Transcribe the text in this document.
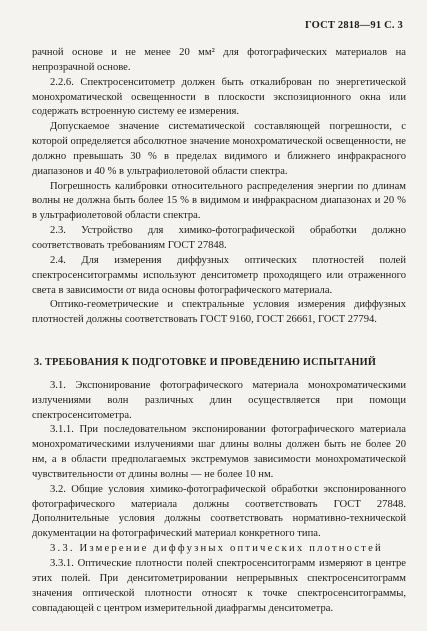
ГОСТ 2818—91 С. 3

рачной основе и не менее 20 мм² для фотографических материалов на непрозрачной основе.

2.2.6. Спектросенситометр должен быть откалиброван по энергетической монохроматической освещенности в плоскости экспозиционного окна или содержать встроенную систему ее измерения.

Допускаемое значение систематической составляющей погрешности, с которой определяется абсолютное значение монохроматической освещенности, не должно превышать 30 % в пределах видимого и ближнего инфракрасного диапазонов и 40 % в ультрафиолетовой области спектра.

Погрешность калибровки относительного распределения энергии по длинам волны не должна быть более 15 % в видимом и инфракрасном диапазонах и 20 % в ультрафиолетовой области спектра.

2.3. Устройство для химико-фотографической обработки должно соответствовать требованиям ГОСТ 27848.

2.4. Для измерения диффузных оптических плотностей полей спектросенситограммы используют денситометр проходящего или отраженного света в зависимости от вида основы фотографического материала.

Оптико-геометрические и спектральные условия измерения диффузных плотностей должны соответствовать ГОСТ 9160, ГОСТ 26661, ГОСТ 27794.

3. ТРЕБОВАНИЯ К ПОДГОТОВКЕ И ПРОВЕДЕНИЮ ИСПЫТАНИЙ

3.1. Экспонирование фотографического материала монохроматическими излучениями волн различных длин осуществляется при помощи спектросенситометра.

3.1.1. При последовательном экспонировании фотографического материала монохроматическими излучениями шаг длины волны должен быть не более 20 нм, а в области предполагаемых экстремумов зависимости монохроматической чувствительности от длины волны — не более 10 нм.

3.2. Общие условия химико-фотографической обработки экспонированного фотографического материала должны соответствовать ГОСТ 27848. Дополнительные условия должны соответствовать нормативно-технической документации на фотографический материал конкретного типа.

3.3. Измерение диффузных оптических плотностей

3.3.1. Оптические плотности полей спектросенситограмм измеряют в центре этих полей. При денситометрировании непрерывных спектросенситограмм значения оптической плотности относят к точке спектросенситограммы, совпадающей с центром измерительной диафрагмы денситометра.
